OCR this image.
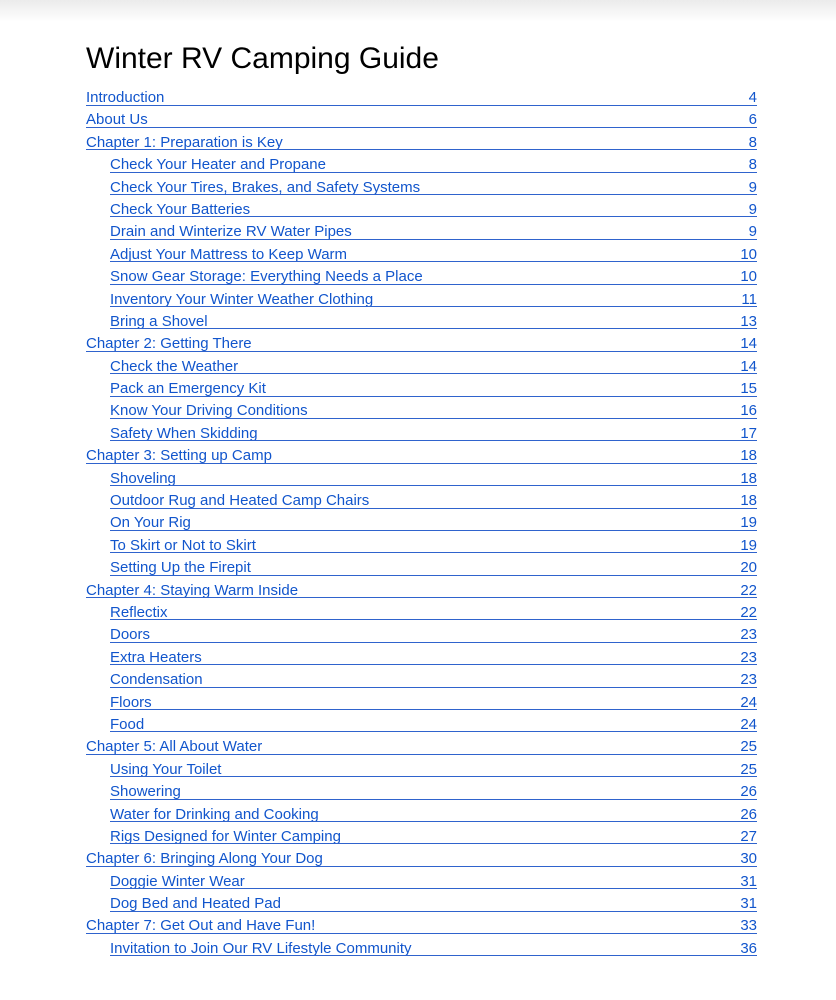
Winter RV Camping Guide
Introduction	4
About Us	6
Chapter 1: Preparation is Key	8
Check Your Heater and Propane	8
Check Your Tires, Brakes, and Safety Systems	9
Check Your Batteries	9
Drain and Winterize RV Water Pipes	9
Adjust Your Mattress to Keep Warm	10
Snow Gear Storage: Everything Needs a Place	10
Inventory Your Winter Weather Clothing	11
Bring a Shovel	13
Chapter 2: Getting There	14
Check the Weather	14
Pack an Emergency Kit	15
Know Your Driving Conditions	16
Safety When Skidding	17
Chapter 3: Setting up Camp	18
Shoveling	18
Outdoor Rug and Heated Camp Chairs	18
On Your Rig	19
To Skirt or Not to Skirt	19
Setting Up the Firepit	20
Chapter 4: Staying Warm Inside	22
Reflectix	22
Doors	23
Extra Heaters	23
Condensation	23
Floors	24
Food	24
Chapter 5: All About Water	25
Using Your Toilet	25
Showering	26
Water for Drinking and Cooking	26
Rigs Designed for Winter Camping	27
Chapter 6: Bringing Along Your Dog	30
Doggie Winter Wear	31
Dog Bed and Heated Pad	31
Chapter 7: Get Out and Have Fun!	33
Invitation to Join Our RV Lifestyle Community	36
